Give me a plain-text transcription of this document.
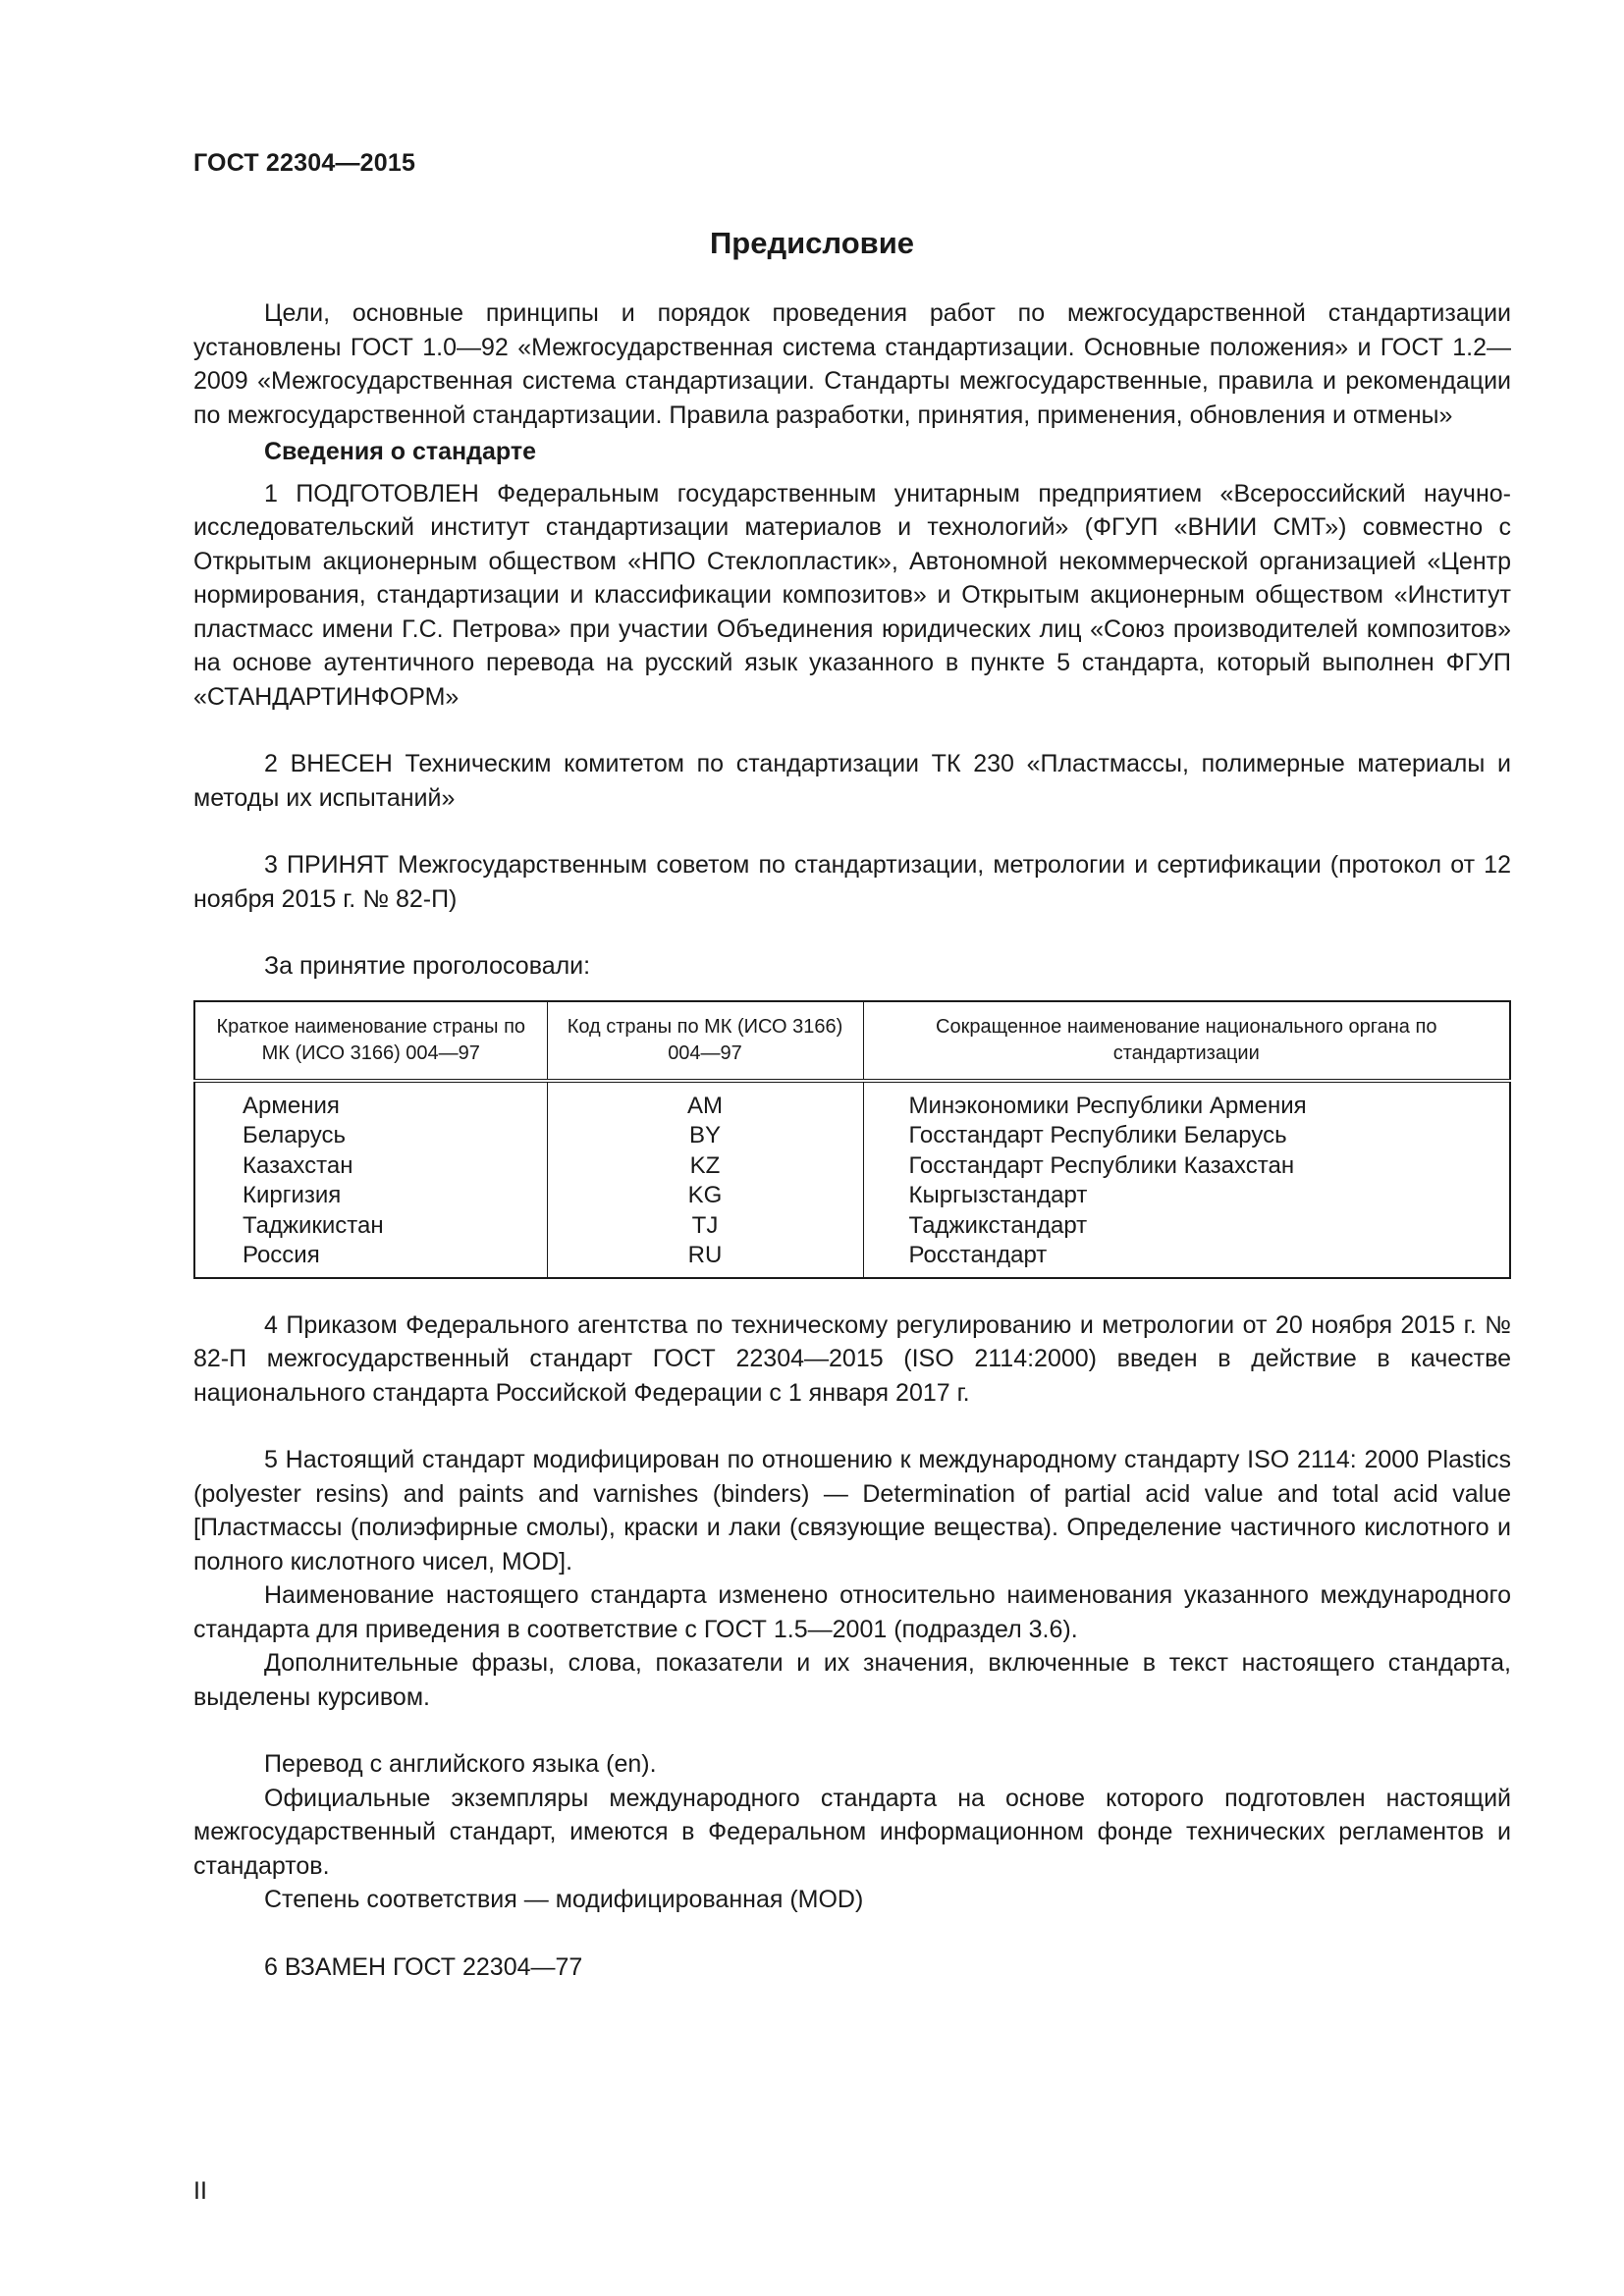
ГОСТ 22304—2015
Предисловие

Цели, основные принципы и порядок проведения работ по межгосударственной стандартизации установлены ГОСТ 1.0—92 «Межгосударственная система стандартизации. Основные положения» и ГОСТ 1.2—2009 «Межгосударственная система стандартизации. Стандарты межгосударственные, правила и рекомендации по межгосударственной стандартизации. Правила разработки, принятия, применения, обновления и отмены»

Сведения о стандарте

1 ПОДГОТОВЛЕН Федеральным государственным унитарным предприятием «Всероссийский научно-исследовательский институт стандартизации материалов и технологий» (ФГУП «ВНИИ СМТ») совместно с Открытым акционерным обществом «НПО Стеклопластик», Автономной некоммерческой организацией «Центр нормирования, стандартизации и классификации композитов» и Открытым акционерным обществом «Институт пластмасс имени Г.С. Петрова» при участии Объединения юридических лиц «Союз производителей композитов» на основе аутентичного перевода на русский язык указанного в пункте 5 стандарта, который выполнен ФГУП «СТАНДАРТИНФОРМ»

2 ВНЕСЕН Техническим комитетом по стандартизации ТК 230 «Пластмассы, полимерные материалы и методы их испытаний»

3 ПРИНЯТ Межгосударственным советом по стандартизации, метрологии и сертификации (протокол от 12 ноября 2015 г. № 82-П)

За принятие проголосовали:

Краткое наименование страны по МК (ИСО 3166) 004—97	Код страны по МК (ИСО 3166) 004—97	Сокращенное наименование национального органа по стандартизации
Армения	AM	Минэкономики Республики Армения
Беларусь	BY	Госстандарт Республики Беларусь
Казахстан	KZ	Госстандарт Республики Казахстан
Киргизия	KG	Кыргызстандарт
Таджикистан	TJ	Таджикстандарт
Россия	RU	Росстандарт

4 Приказом Федерального агентства по техническому регулированию и метрологии от 20 ноября 2015 г. № 82-П межгосударственный стандарт ГОСТ 22304—2015 (ISO 2114:2000) введен в действие в качестве национального стандарта Российской Федерации с 1 января 2017 г.

5 Настоящий стандарт модифицирован по отношению к международному стандарту ISO 2114: 2000 Plastics (polyester resins) and paints and varnishes (binders) — Determination of partial acid value and total acid value [Пластмассы (полиэфирные смолы), краски и лаки (связующие вещества). Определение частичного кислотного и полного кислотного чисел, MOD].

Наименование настоящего стандарта изменено относительно наименования указанного международного стандарта для приведения в соответствие с ГОСТ 1.5—2001 (подраздел 3.6).

Дополнительные фразы, слова, показатели и их значения, включенные в текст настоящего стандарта, выделены курсивом.

Перевод с английского языка (en).

Официальные экземпляры международного стандарта на основе которого подготовлен настоящий межгосударственный стандарт, имеются в Федеральном информационном фонде технических регламентов и стандартов.

Степень соответствия — модифицированная (MOD)

6 ВЗАМЕН ГОСТ 22304—77

II
